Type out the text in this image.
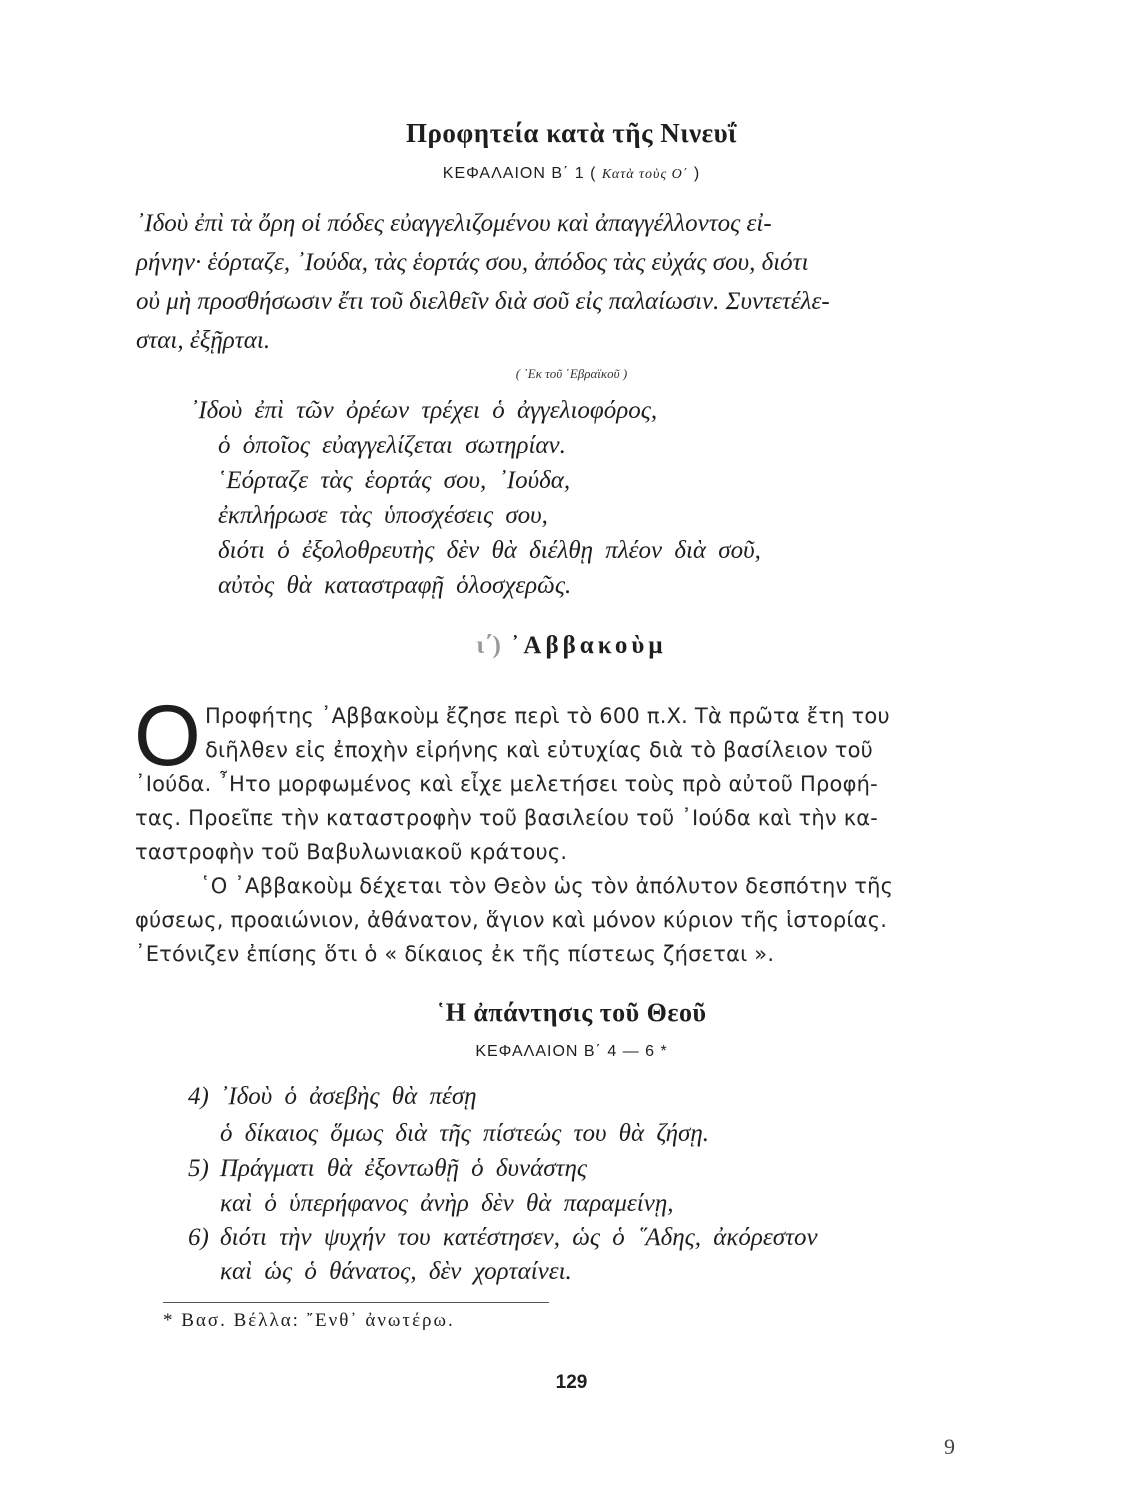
Προφητεία κατὰ τῆς Νινευΐ
ΚΕΦΑΛΑΙΟΝ Β΄ 1 ( Κατὰ τοὺς Ο΄ )

᾿Ιδοὺ ἐπὶ τὰ ὄρη οἱ πόδες εὐαγγελιζομένου καὶ ἀπαγγέλλοντος εἰ-

ρήνην· ἑόρταζε, ᾿Ιούδα, τὰς ἑορτάς σου, ἀπόδος τὰς εὐχάς σου, διότι

οὐ μὴ προσθήσωσιν ἔτι τοῦ διελθεῖν διὰ σοῦ εἰς παλαίωσιν. Συντετέλε-

σται, ἐξῇρται.

( ᾿Εκ τοῦ ῾Εβραϊκοῦ )

᾿Ιδοὺ ἐπὶ τῶν ὀρέων τρέχει ὁ ἀγγελιοφόρος,

ὁ ὁποῖος εὐαγγελίζεται σωτηρίαν.

῾Εόρταζε τὰς ἑορτάς σου, ᾿Ιούδα,

ἐκπλήρωσε τὰς ὑποσχέσεις σου,

διότι ὁ ἐξολοθρευτὴς δὲν θὰ διέλθῃ πλέον διὰ σοῦ,

αὐτὸς θὰ καταστραφῇ ὁλοσχερῶς.

ι΄) ᾿Αββακοὺμ
Ο Προφήτης ᾿Αββακοὺμ ἔζησε περὶ τὸ 600 π.Χ. Τὰ πρῶτα ἔτη του

διῆλθεν εἰς ἐποχὴν εἰρήνης καὶ εὐτυχίας διὰ τὸ βασίλειον τοῦ

᾿Ιούδα. ῏Ητο μορφωμένος καὶ εἶχε μελετήσει τοὺς πρὸ αὐτοῦ Προφή-

τας. Προεῖπε τὴν καταστροφὴν τοῦ βασιλείου τοῦ ᾿Ιούδα καὶ τὴν κα-

ταστροφὴν τοῦ Βαβυλωνιακοῦ κράτους.

῾Ο ᾿Αββακοὺμ δέχεται τὸν Θεὸν ὡς τὸν ἀπόλυτον δεσπότην τῆς

φύσεως, προαιώνιον, ἀθάνατον, ἅγιον καὶ μόνον κύριον τῆς ἱστορίας.

᾿Ετόνιζεν ἐπίσης ὅτι ὁ « δίκαιος ἐκ τῆς πίστεως ζήσεται ».

῾Η ἀπάντησις τοῦ Θεοῦ
ΚΕΦΑΛΑΙΟΝ Β΄ 4 — 6 *
4) ᾿Ιδοὺ ὁ ἀσεβὴς θὰ πέσῃ

ὁ δίκαιος ὅμως διὰ τῆς πίστεώς του θὰ ζήσῃ.

5) Πράγματι θὰ ἐξοντωθῇ ὁ δυνάστης

καὶ ὁ ὑπερήφανος ἀνὴρ δὲν θὰ παραμείνῃ,

6) διότι τὴν ψυχήν του κατέστησεν, ὡς ὁ ῞Αδης, ἀκόρεστον

καὶ ὡς ὁ θάνατος, δὲν χορταίνει.

* Βασ. Βέλλα: ῎Ενθ᾿ ἀνωτέρω.
129
9
